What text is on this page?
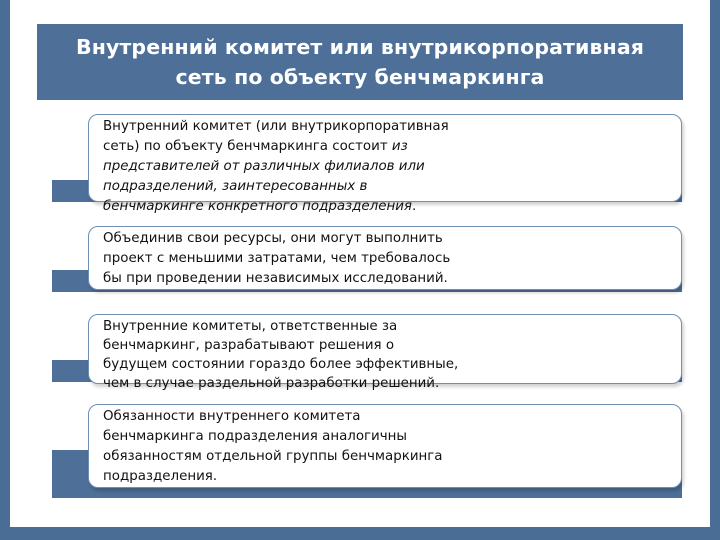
Внутренний комитет или внутрикорпоративная
сеть по объекту бенчмаркинга

Внутренний комитет (или внутрикорпоративная
сеть) по объекту бенчмаркинга состоит из
представителей от различных филиалов или
подразделений, заинтересованных в
бенчмаркинге конкретного подразделения.

Объединив свои ресурсы, они могут выполнить
проект с меньшими затратами, чем требовалось
бы при проведении независимых исследований.

Внутренние комитеты, ответственные за
бенчмаркинг, разрабатывают решения о
будущем состоянии гораздо более эффективные,
чем в случае раздельной разработки решений.

Обязанности внутреннего комитета
бенчмаркинга подразделения аналогичны
обязанностям отдельной группы бенчмаркинга
подразделения.
